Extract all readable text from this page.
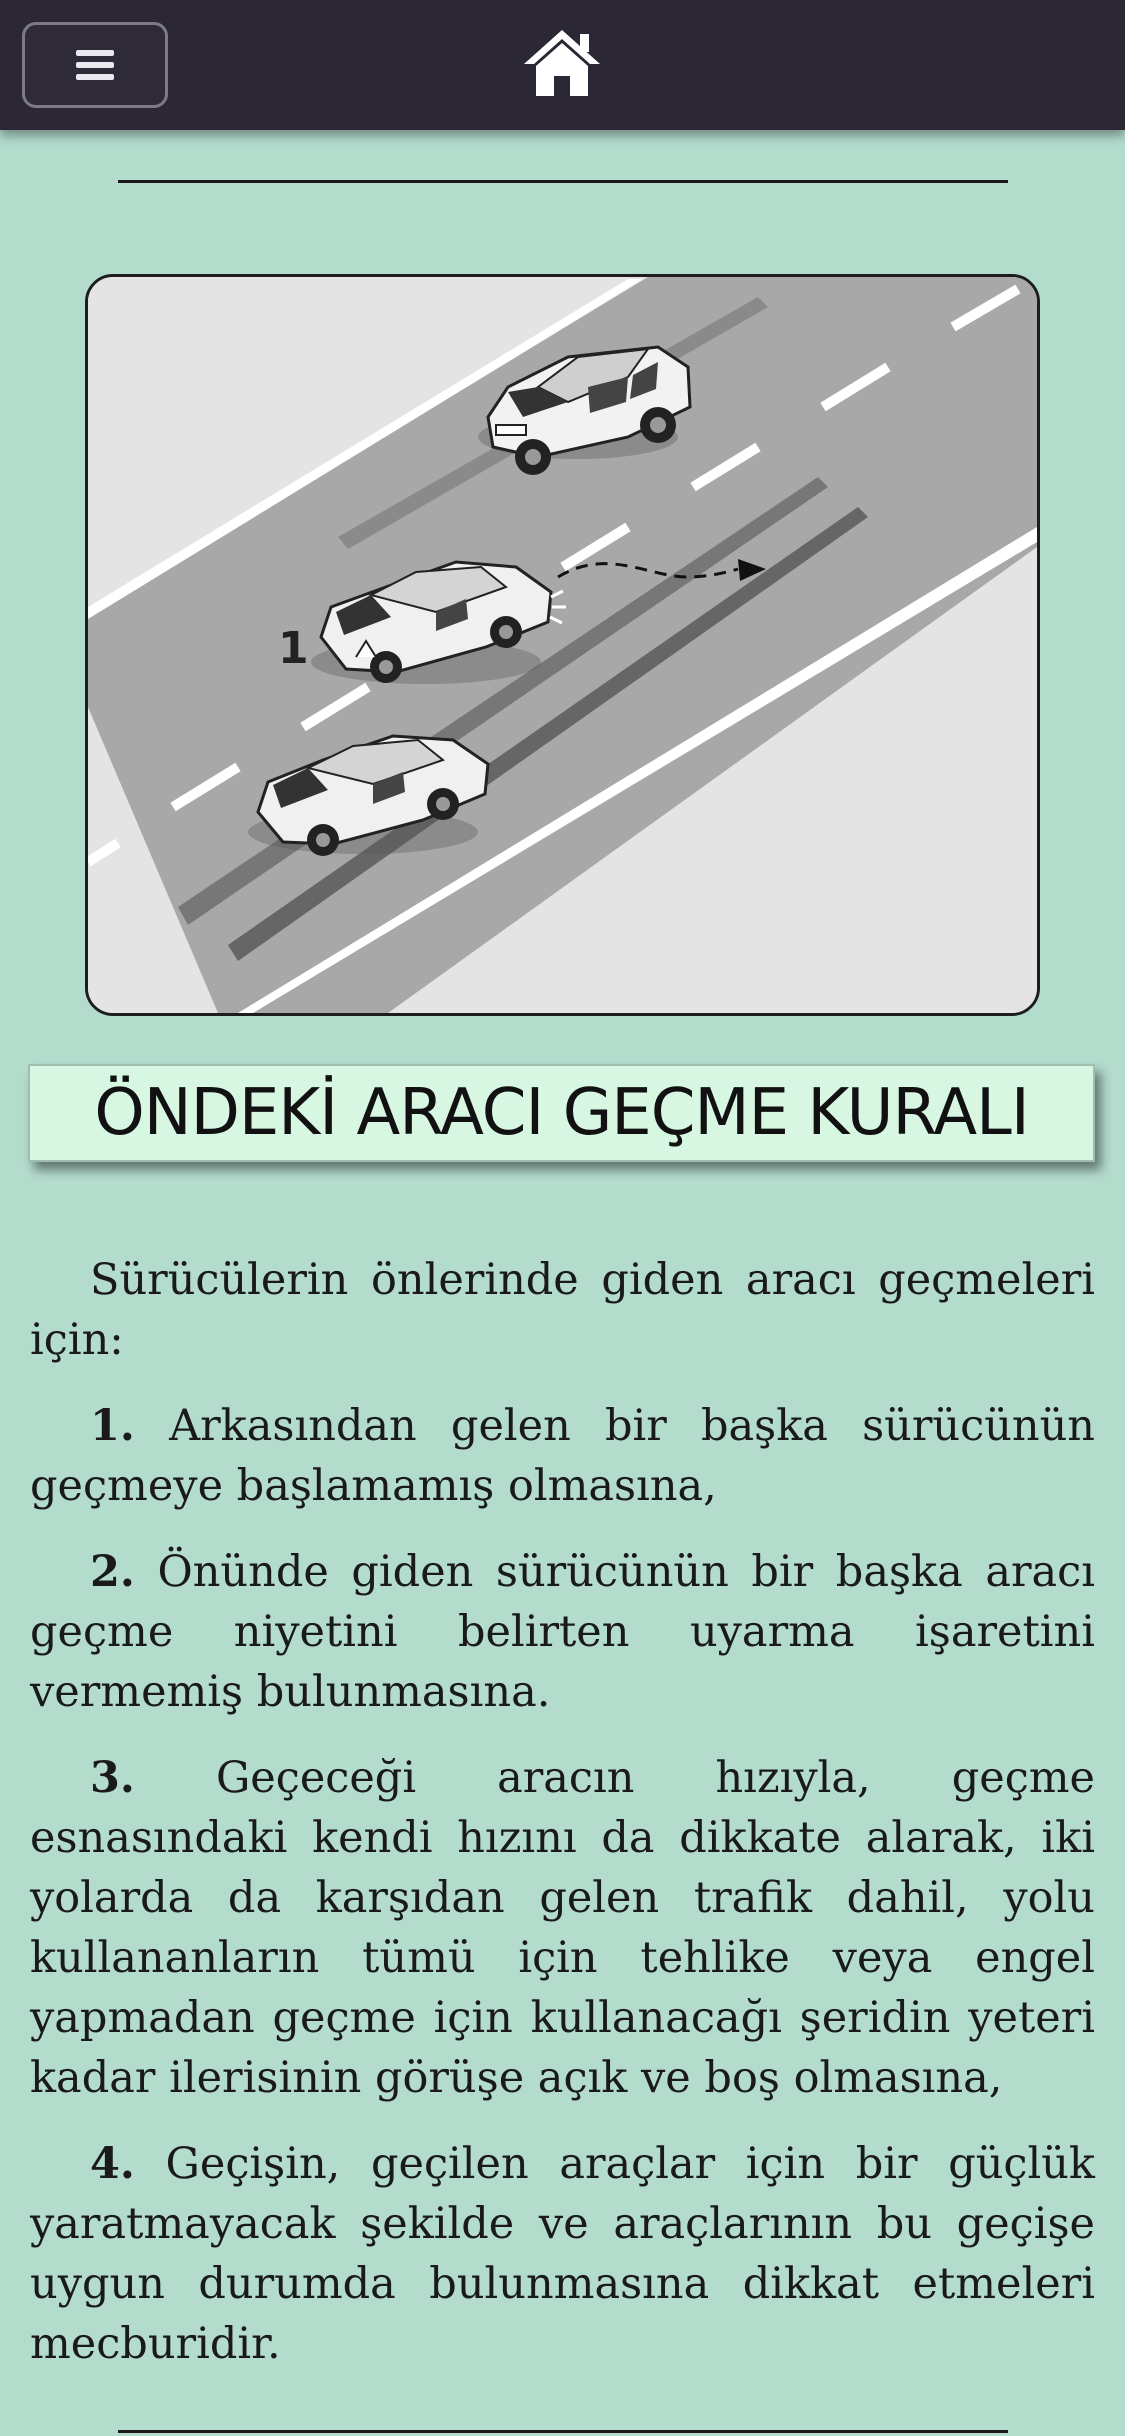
1
ÖNDEKİ ARACI GEÇME KURALI

Sürücülerin önlerinde giden aracı geçmeleri için:

1. Arkasından gelen bir başka sürücünün geçmeye başlamamış olmasına,

2. Önünde giden sürücünün bir başka aracı geçme niyetini belirten uyarma işaretini vermemiş bulunmasına.

3. Geçeceği aracın hızıyla, geçme esnasındaki kendi hızını da dikkate alarak, iki yolarda da karşıdan gelen trafik dahil, yolu kullananların tümü için tehlike veya engel yapmadan geçme için kullanacağı şeridin yeteri kadar ilerisinin görüşe açık ve boş olmasına,

4. Geçişin, geçilen araçlar için bir güçlük yaratmayacak şekilde ve araçlarının bu geçişe uygun durumda bulunmasına dikkat etmeleri mecburidir.
